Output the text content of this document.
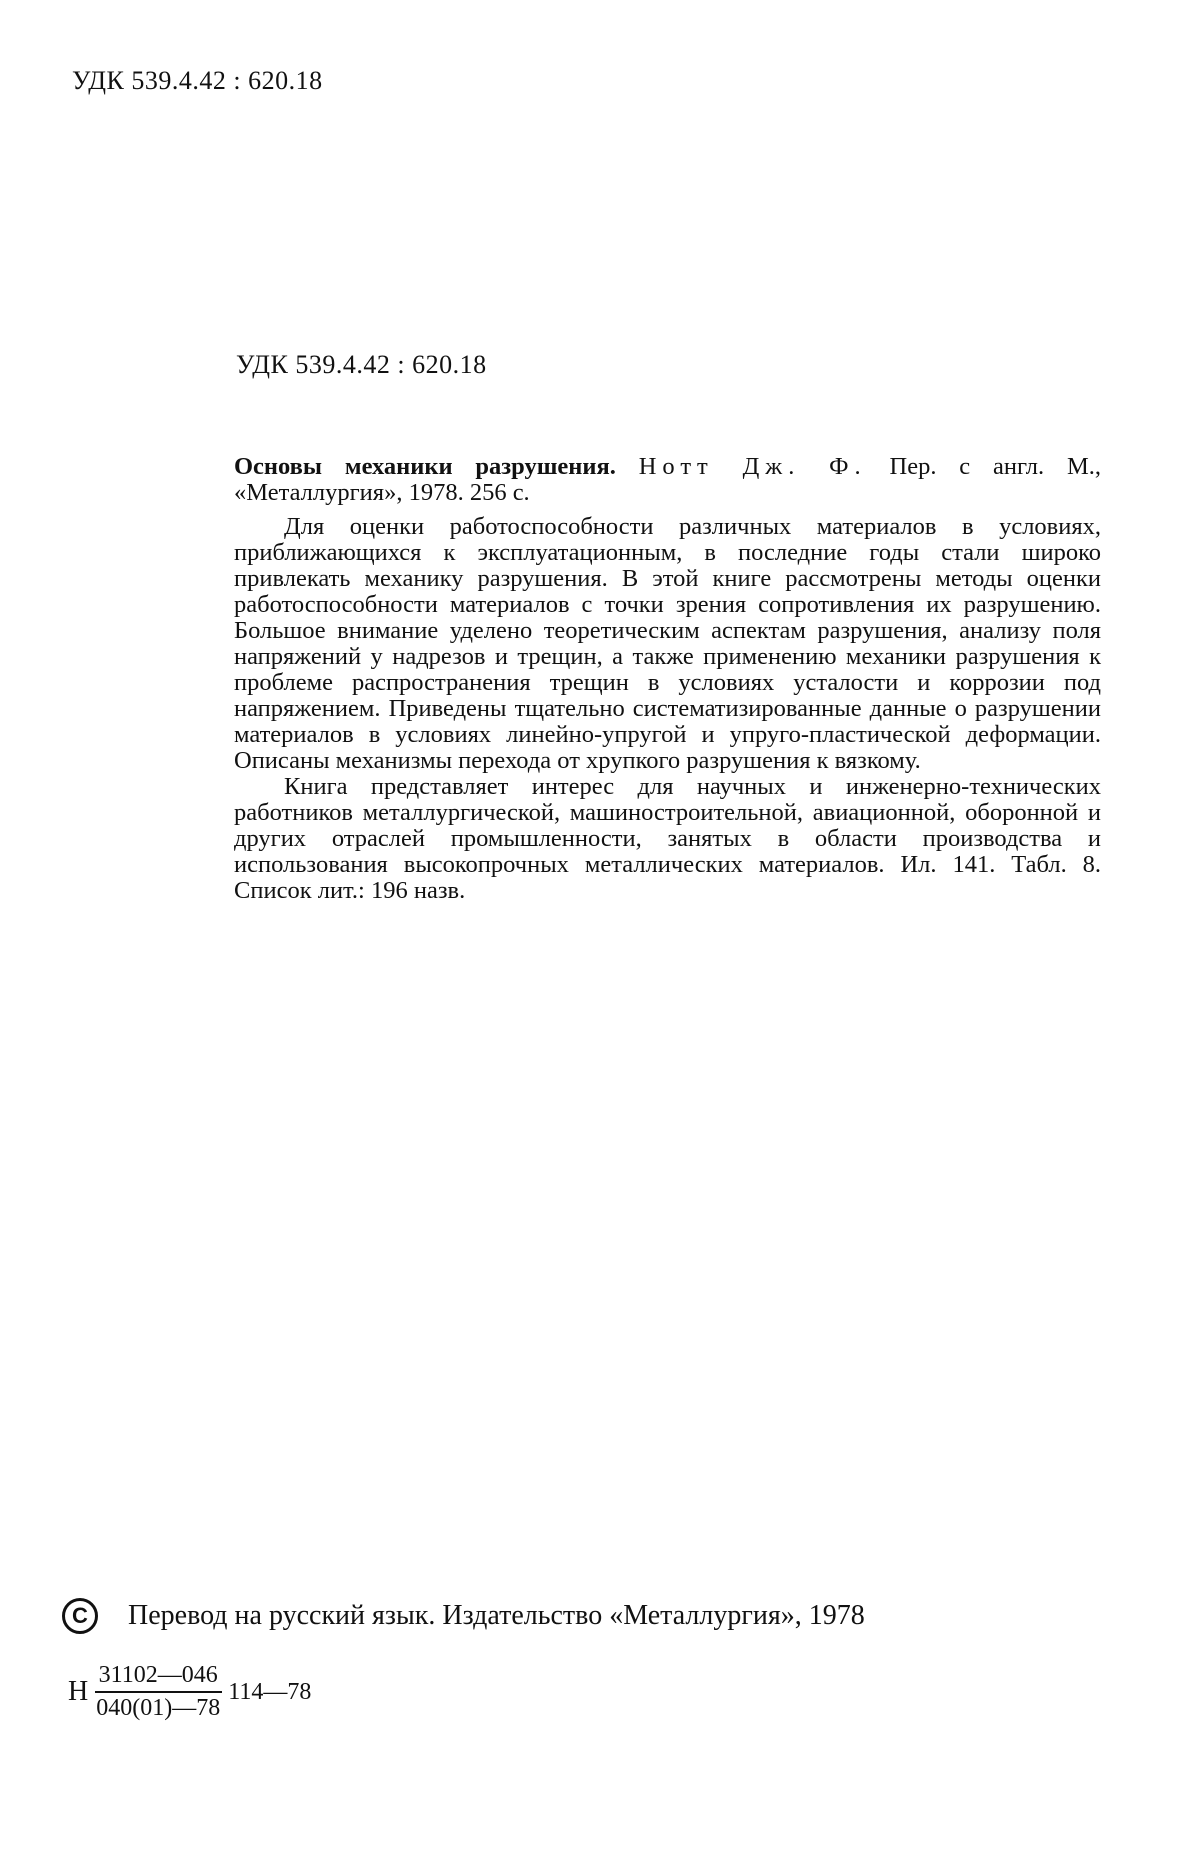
УДК 539.4.42 : 620.18
УДК 539.4.42 : 620.18

Основы механики разрушения. Нотт Дж. Ф. Пер. с англ. М., «Металлургия», 1978. 256 с.

Для оценки работоспособности различных материалов в условиях, приближающихся к эксплуатационным, в последние годы стали широко привлекать механику разрушения. В этой книге рассмотрены методы оценки работоспособности материалов с точки зрения сопротивления их разрушению. Большое внимание уделено теоретическим аспектам разрушения, анализу поля напряжений у надрезов и трещин, а также применению механики разрушения к проблеме распространения трещин в условиях усталости и коррозии под напряжением. Приведены тщательно систематизированные данные о разрушении материалов в условиях линейно-упругой и упруго-пластической деформации. Описаны механизмы перехода от хрупкого разрушения к вязкому.

Книга представляет интерес для научных и инженерно-технических работников металлургической, машиностроительной, авиационной, оборонной и других отраслей промышленности, занятых в области производства и использования высокопрочных металлических материалов. Ил. 141. Табл. 8. Список лит.: 196 назв.

C	Перевод на русский язык. Издательство «Металлургия», 1978
Н $\frac{31102—046}{040(01)—78}$ 114—78
